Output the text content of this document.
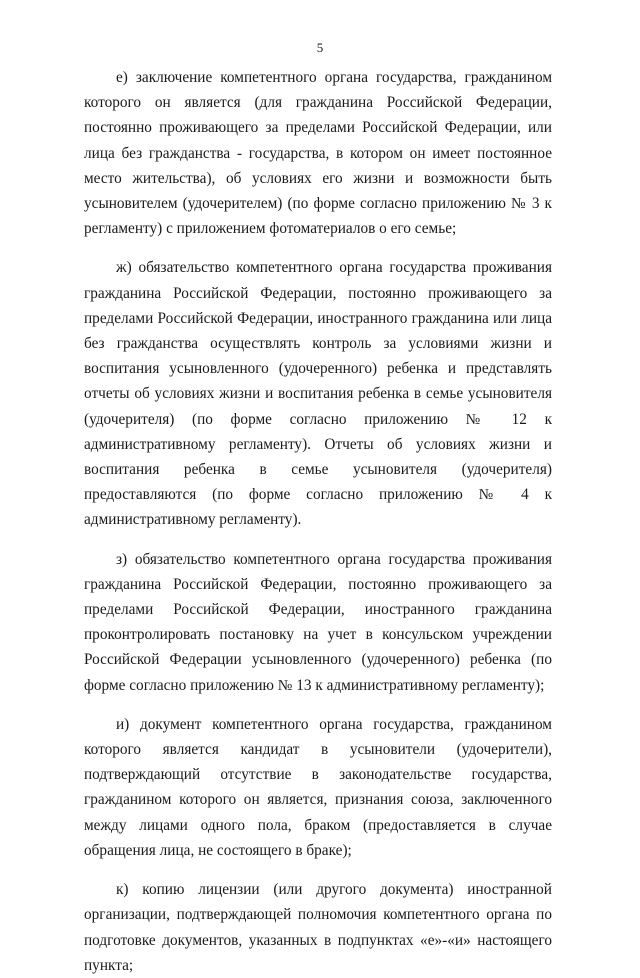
5

е) заключение компетентного органа государства, гражданином которого он является (для гражданина Российской Федерации, постоянно проживающего за пределами Российской Федерации, или лица без гражданства - государства, в котором он имеет постоянное место жительства), об условиях его жизни и возможности быть усыновителем (удочерителем) (по форме согласно приложению № 3 к регламенту) с приложением фотоматериалов о его семье;

ж) обязательство компетентного органа государства проживания гражданина Российской Федерации, постоянно проживающего за пределами Российской Федерации, иностранного гражданина или лица без гражданства осуществлять контроль за условиями жизни и воспитания усыновленного (удочеренного) ребенка и представлять отчеты об условиях жизни и воспитания ребенка в семье усыновителя (удочерителя) (по форме согласно приложению № 12 к административному регламенту). Отчеты об условиях жизни и воспитания ребенка в семье усыновителя (удочерителя) предоставляются (по форме согласно приложению № 4 к административному регламенту).

з) обязательство компетентного органа государства проживания гражданина Российской Федерации, постоянно проживающего за пределами Российской Федерации, иностранного гражданина проконтролировать постановку на учет в консульском учреждении Российской Федерации усыновленного (удочеренного) ребенка (по форме согласно приложению № 13 к административному регламенту);

и) документ компетентного органа государства, гражданином которого является кандидат в усыновители (удочерители), подтверждающий отсутствие в законодательстве государства, гражданином которого он является, признания союза, заключенного между лицами одного пола, браком (предоставляется в случае обращения лица, не состоящего в браке);

к) копию лицензии (или другого документа) иностранной организации, подтверждающей полномочия компетентного органа по подготовке документов, указанных в подпунктах «е»-«и» настоящего пункта;
